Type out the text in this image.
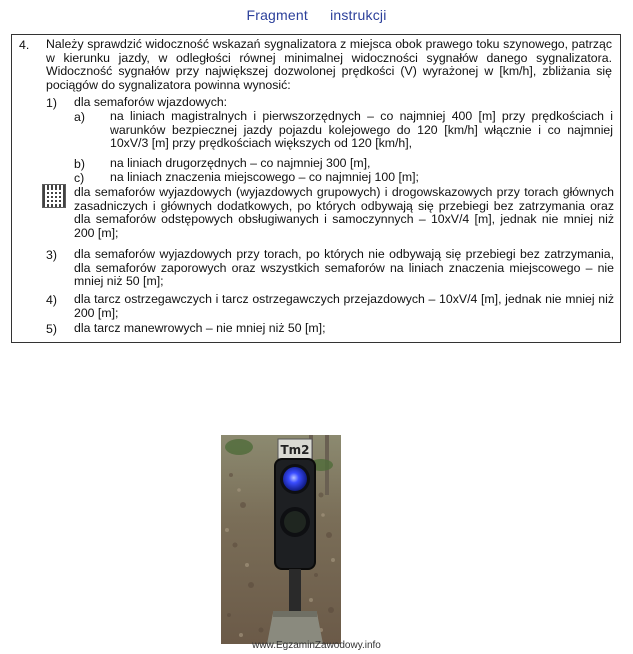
Fragment instrukcji
4. Należy sprawdzić widoczność wskazań sygnalizatora z miejsca obok prawego toku szynowego, patrząc w kierunku jazdy, w odległości równej minimalnej widoczności sygnałów danego sygnalizatora. Widoczność sygnałów przy największej dozwolonej prędkości (V) wyrażonej w [km/h], zbliżania się pociągów do sygnalizatora powinna wynosić:
1) dla semaforów wjazdowych:
a) na liniach magistralnych i pierwszorzędnych – co najmniej 400 [m] przy prędkościach i warunków bezpiecznej jazdy pojazdu kolejowego do 120 [km/h] włącznie i co najmniej 10xV/3 [m] przy prędkościach większych od 120 [km/h],
b) na liniach drugorzędnych – co najmniej 300 [m],
c) na liniach znaczenia miejscowego – co najmniej 100 [m];
dla semaforów wyjazdowych (wyjazdowych grupowych) i drogowskazowych przy torach głównych zasadniczych i głównych dodatkowych, po których odbywają się przebiegi bez zatrzymania oraz dla semaforów odstępowych obsługiwanych i samoczynnych – 10xV/4 [m], jednak nie mniej niż 200 [m];
3) dla semaforów wyjazdowych przy torach, po których nie odbywają się przebiegi bez zatrzymania, dla semaforów zaporowych oraz wszystkich semaforów na liniach znaczenia miejscowego – nie mniej niż 50 [m];
4) dla tarcz ostrzegawczych i tarcz ostrzegawczych przejazdowych – 10xV/4 [m], jednak nie mniej niż 200 [m];
5) dla tarcz manewrowych – nie mniej niż 50 [m];
Tm2
www.EgzaminZawodowy.info
